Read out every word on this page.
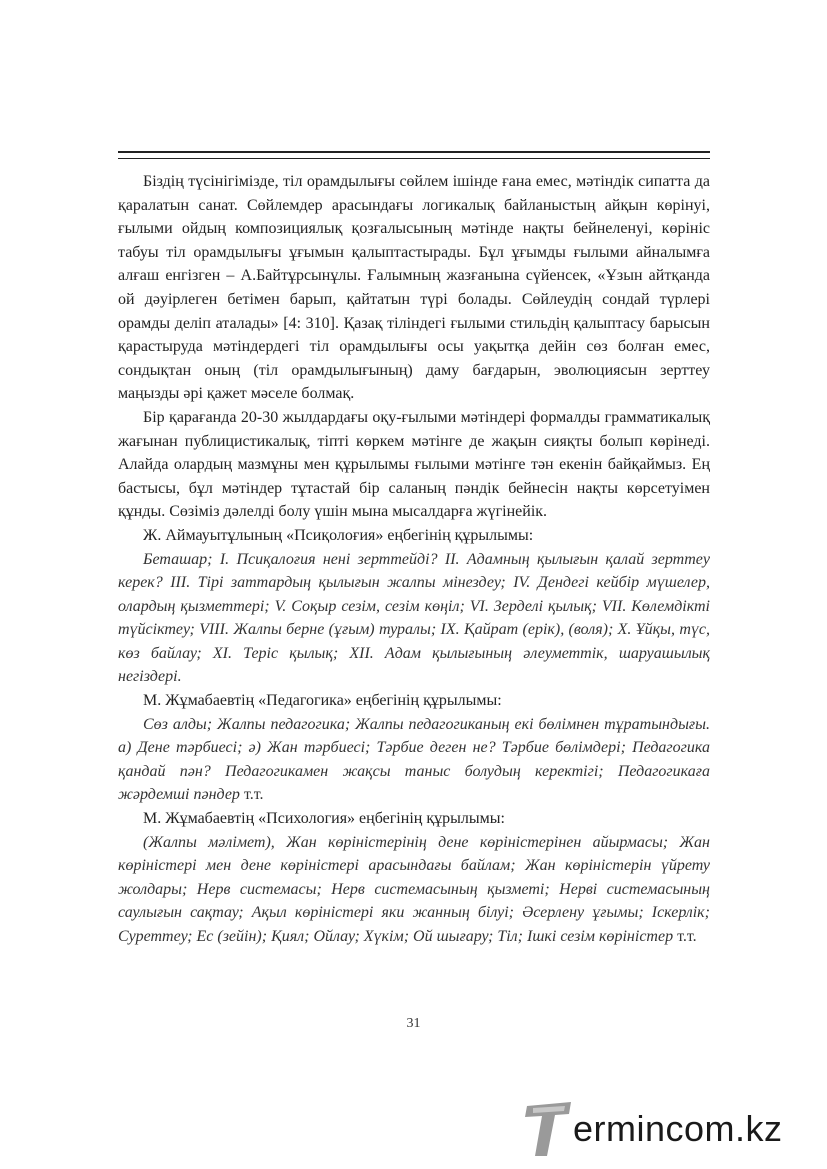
Біздің түсінігімізде, тіл орамдылығы сөйлем ішінде ғана емес, мәтіндік сипатта да қаралатын санат. Сөйлемдер арасындағы логикалық байланыстың айқын көрінуі, ғылыми ойдың композициялық қозғалысының мәтінде нақты бейнеленуі, көрініс табуы тіл орамдылығы ұғымын қалыптастырады. Бұл ұғымды ғылыми айналымға алғаш енгізген – А.Байтұрсынұлы. Ғалымның жазғанына сүйенсек, «Ұзын айтқанда ой дәуірлеген бетімен барып, қайтатын түрі болады. Сөйлеудің сондай түрлері орамды деліп аталады» [4: 310]. Қазақ тіліндегі ғылыми стильдің қалыптасу барысын қарастыруда мәтіндердегі тіл орамдылығы осы уақытқа дейін сөз болған емес, сондықтан оның (тіл орамдылығының) даму бағдарын, эволюциясын зерттеу маңызды әрі қажет мәселе болмақ.

Бір қарағанда 20-30 жылдардағы оқу-ғылыми мәтіндері формалды грамматикалық жағынан публицистикалық, тіпті көркем мәтінге де жақын сияқты болып көрінеді. Алайда олардың мазмұны мен құрылымы ғылыми мәтінге тән екенін байқаймыз. Ең бастысы, бұл мәтіндер тұтастай бір саланың пәндік бейнесін нақты көрсетуімен құнды. Сөзіміз дәлелді болу үшін мына мысалдарға жүгінейік.

Ж. Аймауытұлының «Псиқолоғия» еңбегінің құрылымы:

Беташар; I. Псиқалоғия нені зерттейді? II. Адамның қылығын қалай зерттеу керек? III. Тірі заттардың қылығын жалпы мінездеу; IV. Дендегі кейбір мүшелер, олардың қызметтері; V. Соқыр сезім, сезім көңіл; VI. Зерделі қылық; VII. Көлемдікті түйсіктеу; VIII. Жалпы берне (ұғым) туралы; IX. Қайрат (ерік), (воля); X. Ұйқы, түс, көз байлау; XI. Теріс қылық; XII. Адам қылығының әлеуметтік, шаруашылық негіздері.

М. Жұмабаевтің «Педагогика» еңбегінің құрылымы:

Сөз алды; Жалпы педагогика; Жалпы педагогиканың екі бөлімнен тұратындығы. а) Дене тәрбиесі; ә) Жан тәрбиесі; Тәрбие деген не? Тәрбие бөлімдері; Педагогика қандай пән? Педагогикамен жақсы таныс болудың керектігі; Педагогикаға жәрдемші пәндер т.т.

М. Жұмабаевтің «Психология» еңбегінің құрылымы:

(Жалпы мәлімет), Жан көріністерінің дене көріністерінен айырмасы; Жан көріністері мен дене көріністері арасындағы байлам; Жан көріністерін үйрету жолдары; Нерв системасы; Нерв системасының қызметі; Нерві системасының саулығын сақтау; Ақыл көріністері яки жанның білуі; Әсерлену ұғымы; Іскерлік; Суреттеу; Ес (зейін); Қиял; Ойлау; Хүкім; Ой шығару; Тіл; Ішкі сезім көріністер т.т.

31
ermincom.kz
